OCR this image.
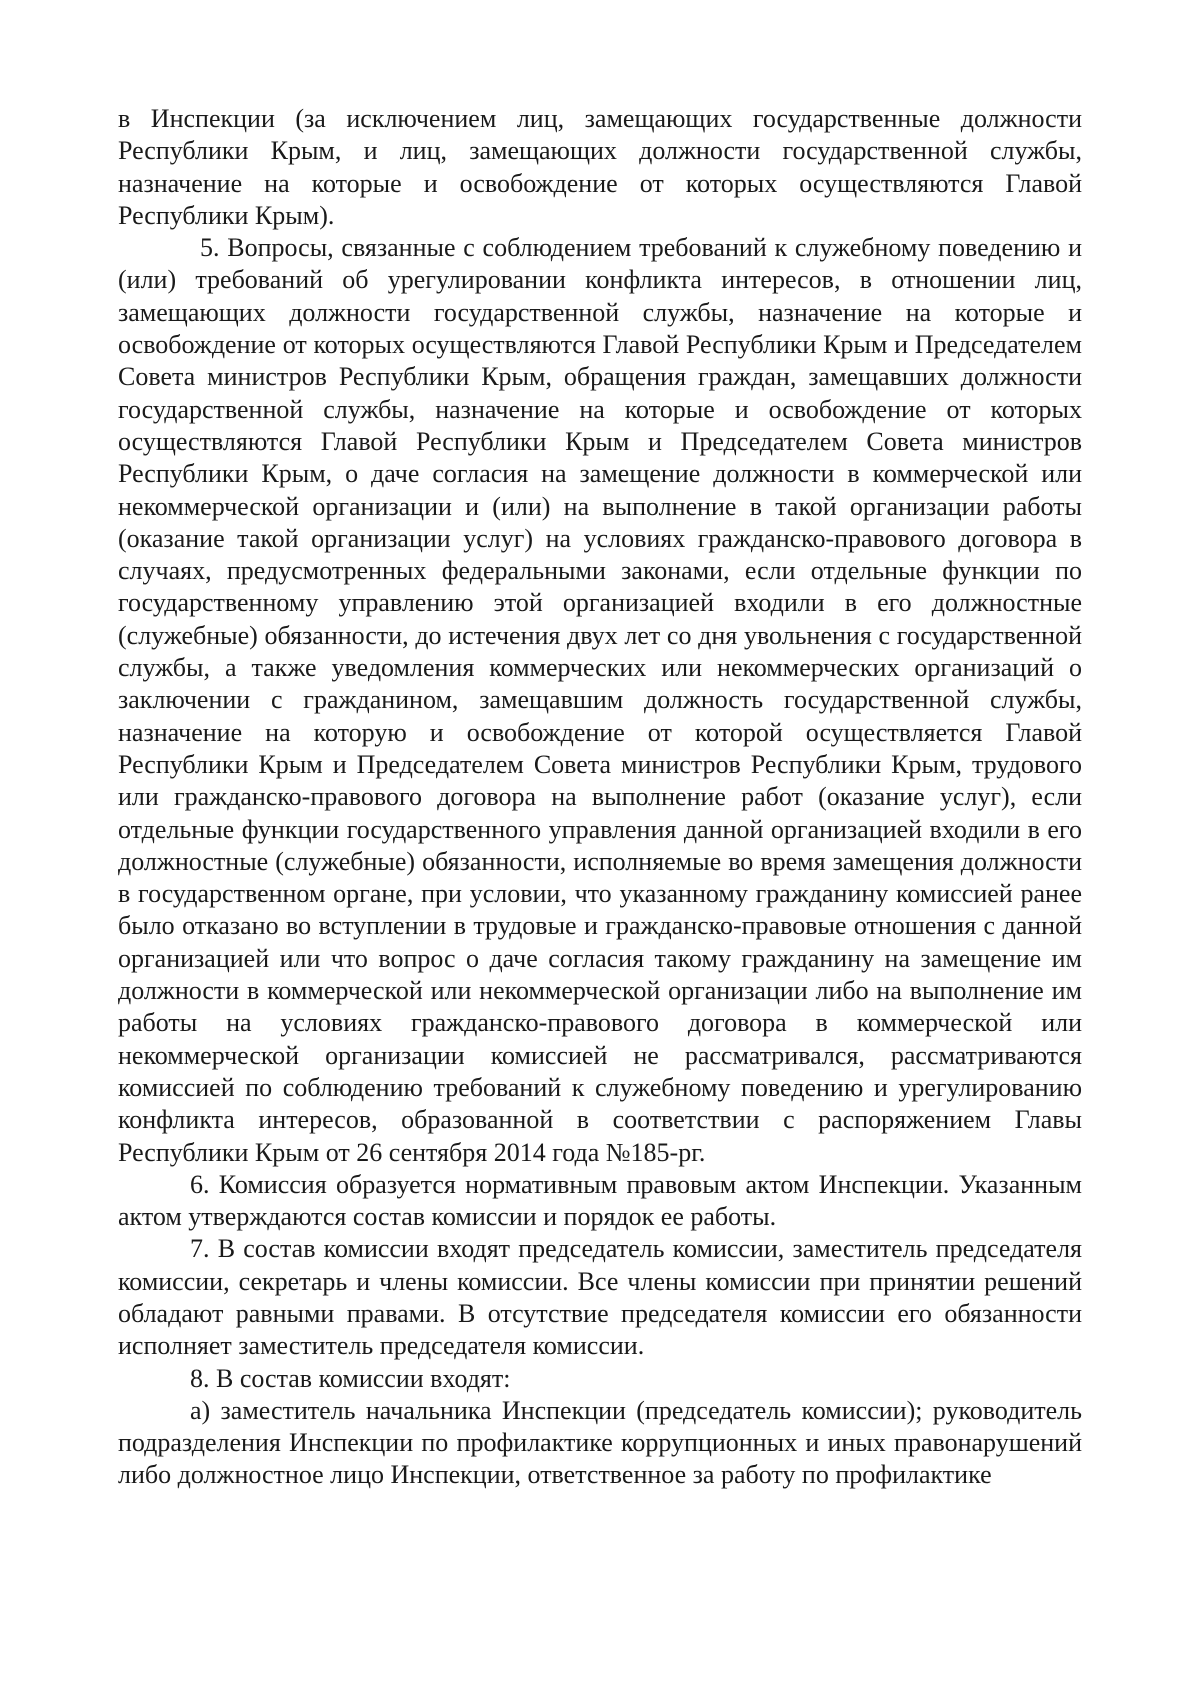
в Инспекции (за исключением лиц, замещающих государственные должности Республики Крым, и лиц, замещающих должности государственной службы, назначение на которые и освобождение от которых осуществляются Главой Республики Крым).

5. Вопросы, связанные с соблюдением требований к служебному поведению и (или) требований об урегулировании конфликта интересов, в отношении лиц, замещающих должности государственной службы, назначение на которые и освобождение от которых осуществляются Главой Республики Крым и Председателем Совета министров Республики Крым, обращения граждан, замещавших должности государственной службы, назначение на которые и освобождение от которых осуществляются Главой Республики Крым и Председателем Совета министров Республики Крым, о даче согласия на замещение должности в коммерческой или некоммерческой организации и (или) на выполнение в такой организации работы (оказание такой организации услуг) на условиях гражданско-правового договора в случаях, предусмотренных федеральными законами, если отдельные функции по государственному управлению этой организацией входили в его должностные (служебные) обязанности, до истечения двух лет со дня увольнения с государственной службы, а также уведомления коммерческих или некоммерческих организаций о заключении с гражданином, замещавшим должность государственной службы, назначение на которую и освобождение от которой осуществляется Главой Республики Крым и Председателем Совета министров Республики Крым, трудового или гражданско-правового договора на выполнение работ (оказание услуг), если отдельные функции государственного управления данной организацией входили в его должностные (служебные) обязанности, исполняемые во время замещения должности в государственном органе, при условии, что указанному гражданину комиссией ранее было отказано во вступлении в трудовые и гражданско-правовые отношения с данной организацией или что вопрос о даче согласия такому гражданину на замещение им должности в коммерческой или некоммерческой организации либо на выполнение им работы на условиях гражданско-правового договора в коммерческой или некоммерческой организации комиссией не рассматривался, рассматриваются комиссией по соблюдению требований к служебному поведению и урегулированию конфликта интересов, образованной в соответствии с распоряжением Главы Республики Крым от 26 сентября 2014 года №185-рг.

6. Комиссия образуется нормативным правовым актом Инспекции. Указанным актом утверждаются состав комиссии и порядок ее работы.

7. В состав комиссии входят председатель комиссии, заместитель председателя комиссии, секретарь и члены комиссии. Все члены комиссии при принятии решений обладают равными правами. В отсутствие председателя комиссии его обязанности исполняет заместитель председателя комиссии.

8. В состав комиссии входят:

а) заместитель начальника Инспекции (председатель комиссии); руководитель подразделения Инспекции по профилактике коррупционных и иных правонарушений либо должностное лицо Инспекции, ответственное за работу по профилактике
